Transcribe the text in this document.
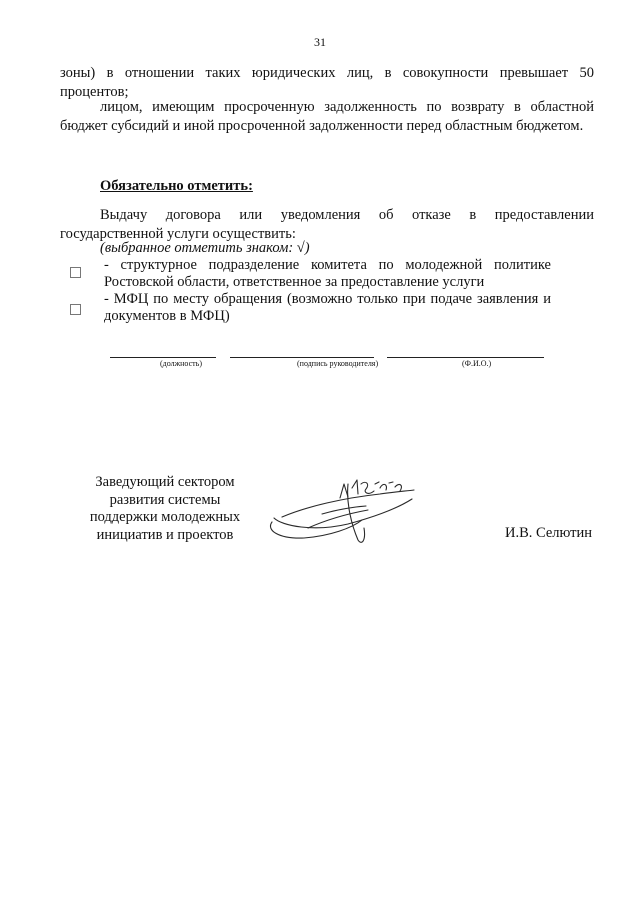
31

зоны) в отношении таких юридических лиц, в совокупности превышает 50 процентов;

лицом, имеющим просроченную задолженность по возврату в областной бюджет субсидий и иной просроченной задолженности перед областным бюджетом.

Обязательно отметить:

Выдачу договора или уведомления об отказе в предоставлении государственной услуги осуществить:

(выбранное отметить знаком: √)

- структурное подразделение комитета по молодежной политике Ростовской области, ответственное за предоставление услуги

- МФЦ по месту обращения (возможно только при подаче заявления и документов в МФЦ)

(должность)	(подпись руководителя)	(Ф.И.О.)

Заведующий сектором
развития системы
поддержки молодежных
инициатив и проектов	И.В. Селютин
